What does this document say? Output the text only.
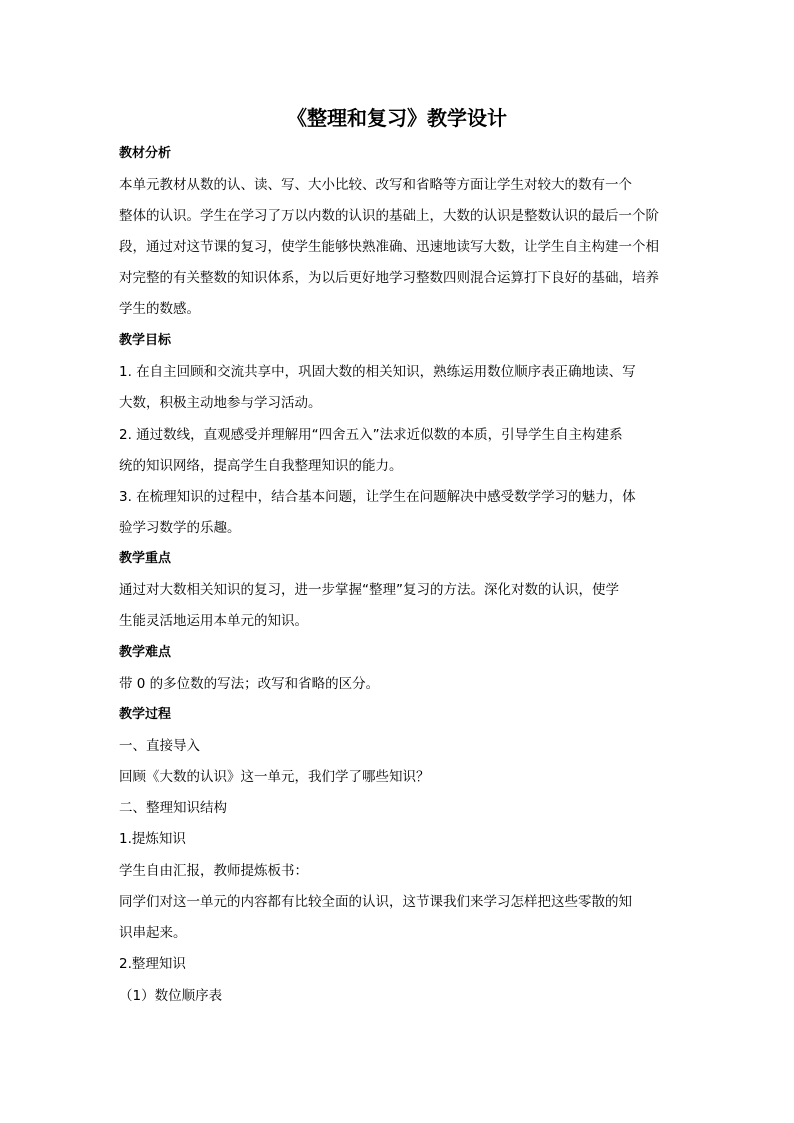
《整理和复习》教学设计
教材分析
本单元教材从数的认、读、写、大小比较、改写和省略等方面让学生对较大的数有一个
整体的认识。学生在学习了万以内数的认识的基础上，大数的认识是整数认识的最后一个阶
段，通过对这节课的复习，使学生能够快熟准确、迅速地读写大数，让学生自主构建一个相
对完整的有关整数的知识体系，为以后更好地学习整数四则混合运算打下良好的基础，培养
学生的数感。
教学目标
1. 在自主回顾和交流共享中，巩固大数的相关知识，熟练运用数位顺序表正确地读、写
大数，积极主动地参与学习活动。
2. 通过数线，直观感受并理解用“四舍五入”法求近似数的本质，引导学生自主构建系
统的知识网络，提高学生自我整理知识的能力。
3. 在梳理知识的过程中，结合基本问题，让学生在问题解决中感受数学学习的魅力，体
验学习数学的乐趣。
教学重点
通过对大数相关知识的复习，进一步掌握“整理”复习的方法。深化对数的认识，使学
生能灵活地运用本单元的知识。
教学难点
带 0 的多位数的写法；改写和省略的区分。
教学过程
一、直接导入
回顾《大数的认识》这一单元，我们学了哪些知识？
二、整理知识结构
1.提炼知识
学生自由汇报，教师提炼板书：
同学们对这一单元的内容都有比较全面的认识，这节课我们来学习怎样把这些零散的知
识串起来。
2.整理知识
（1）数位顺序表
